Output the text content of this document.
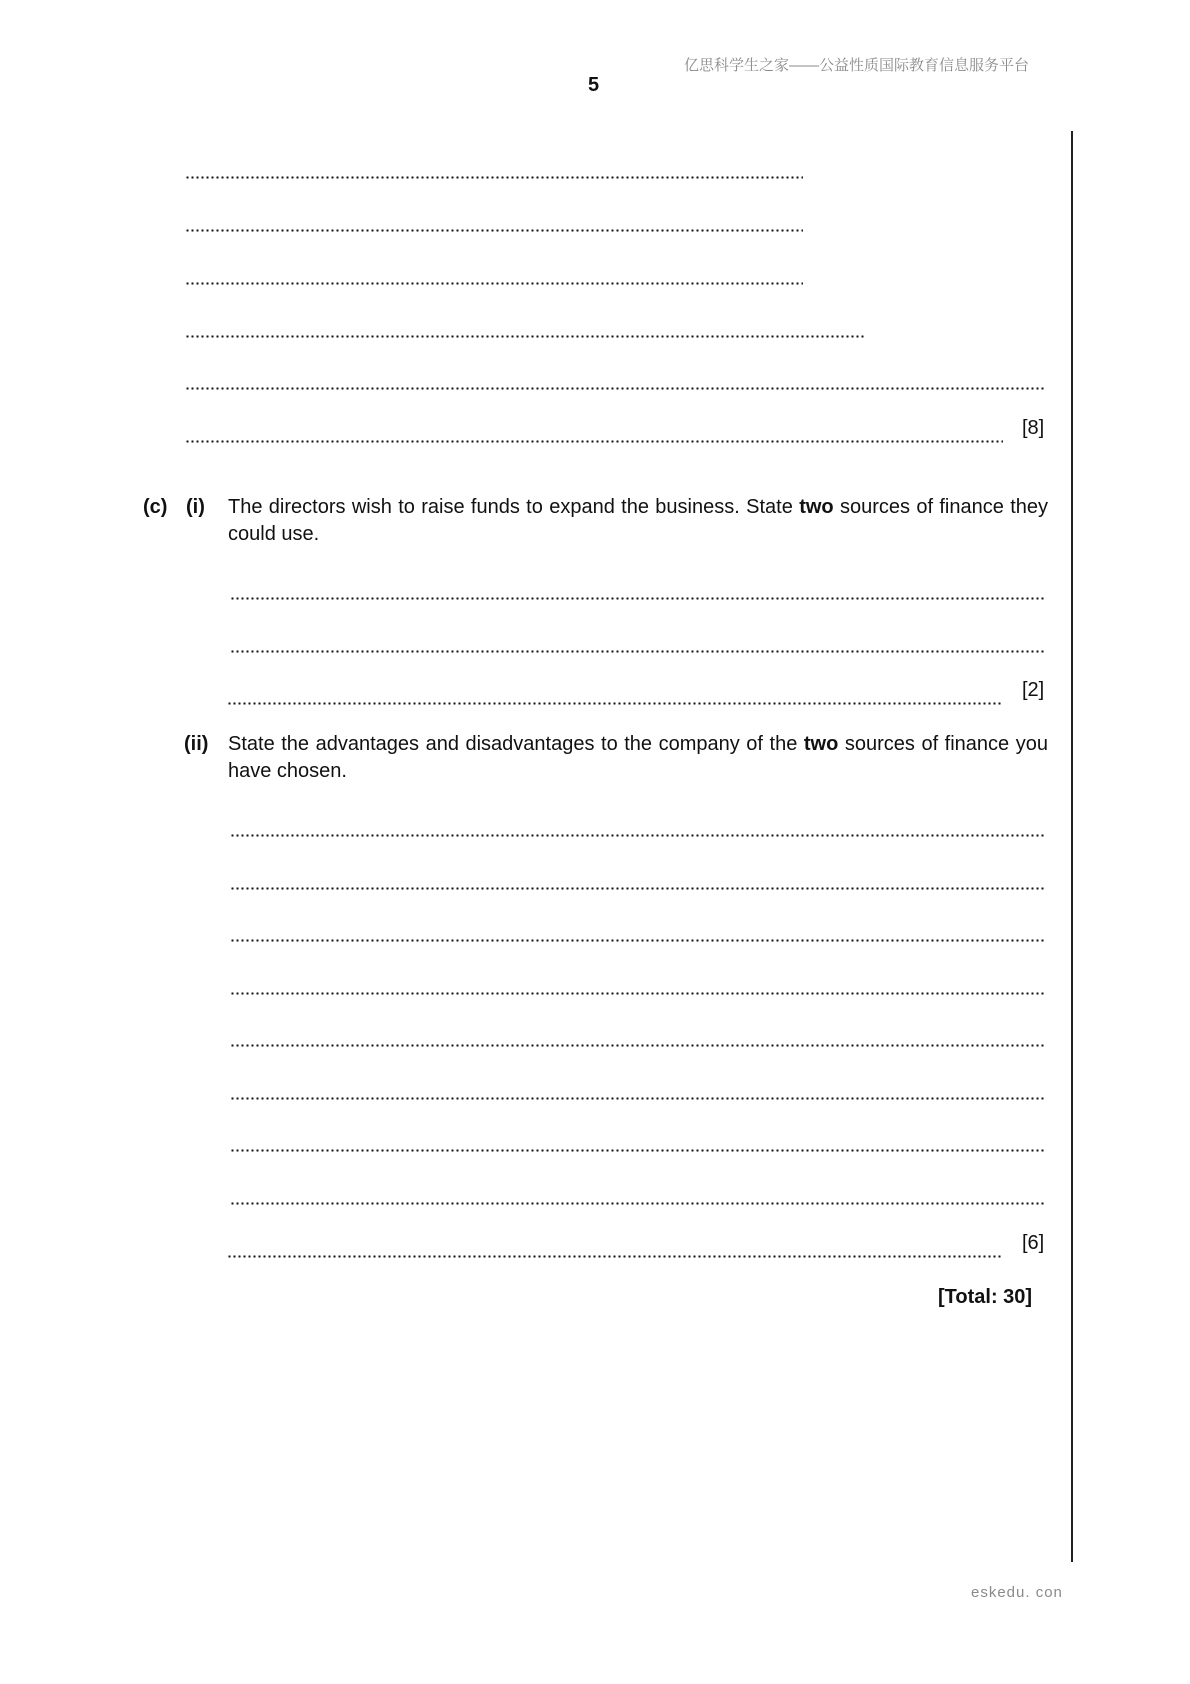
亿思科学生之家——公益性质国际教育信息服务平台
5
[8]
(c) (i) The directors wish to raise funds to expand the business. State two sources of finance they could use.
[2]
(ii) State the advantages and disadvantages to the company of the two sources of finance you have chosen.
[6]
[Total: 30]
eskedu. con
